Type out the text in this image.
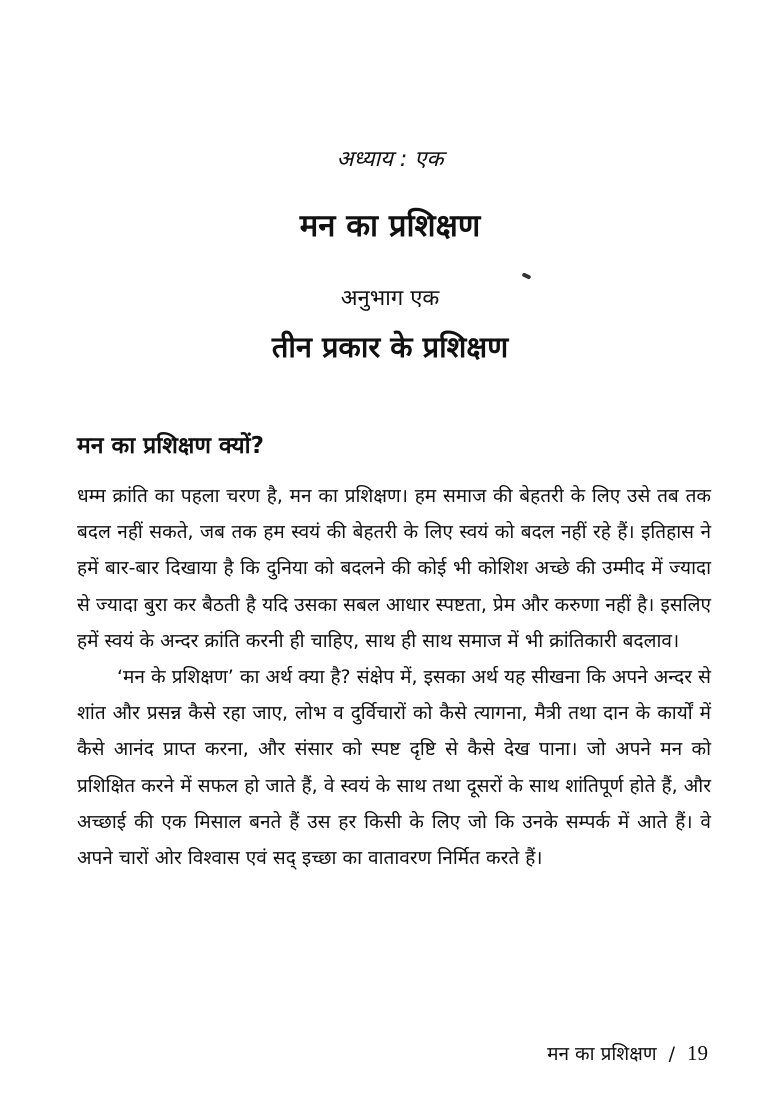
अध्याय : एक
मन का प्रशिक्षण
अनुभाग एक
तीन प्रकार के प्रशिक्षण
मन का प्रशिक्षण क्यों?

धम्म क्रांति का पहला चरण है, मन का प्रशिक्षण। हम समाज की बेहतरी के लिए उसे तब तक बदल नहीं सकते, जब तक हम स्वयं की बेहतरी के लिए स्वयं को बदल नहीं रहे हैं। इतिहास ने हमें बार-बार दिखाया है कि दुनिया को बदलने की कोई भी कोशिश अच्छे की उम्मीद में ज्यादा से ज्यादा बुरा कर बैठती है यदि उसका सबल आधार स्पष्टता, प्रेम और करुणा नहीं है। इसलिए हमें स्वयं के अन्दर क्रांति करनी ही चाहिए, साथ ही साथ समाज में भी क्रांतिकारी बदलाव।

‘मन के प्रशिक्षण’ का अर्थ क्या है? संक्षेप में, इसका अर्थ यह सीखना कि अपने अन्दर से शांत और प्रसन्न कैसे रहा जाए, लोभ व दुर्विचारों को कैसे त्यागना, मैत्री तथा दान के कार्यों में कैसे आनंद प्राप्त करना, और संसार को स्पष्ट दृष्टि से कैसे देख पाना। जो अपने मन को प्रशिक्षित करने में सफल हो जाते हैं, वे स्वयं के साथ तथा दूसरों के साथ शांतिपूर्ण होते हैं, और अच्छाई की एक मिसाल बनते हैं उस हर किसी के लिए जो कि उनके सम्पर्क में आते हैं। वे अपने चारों ओर विश्वास एवं सद् इच्छा का वातावरण निर्मित करते हैं।

मन का प्रशिक्षण / 19
